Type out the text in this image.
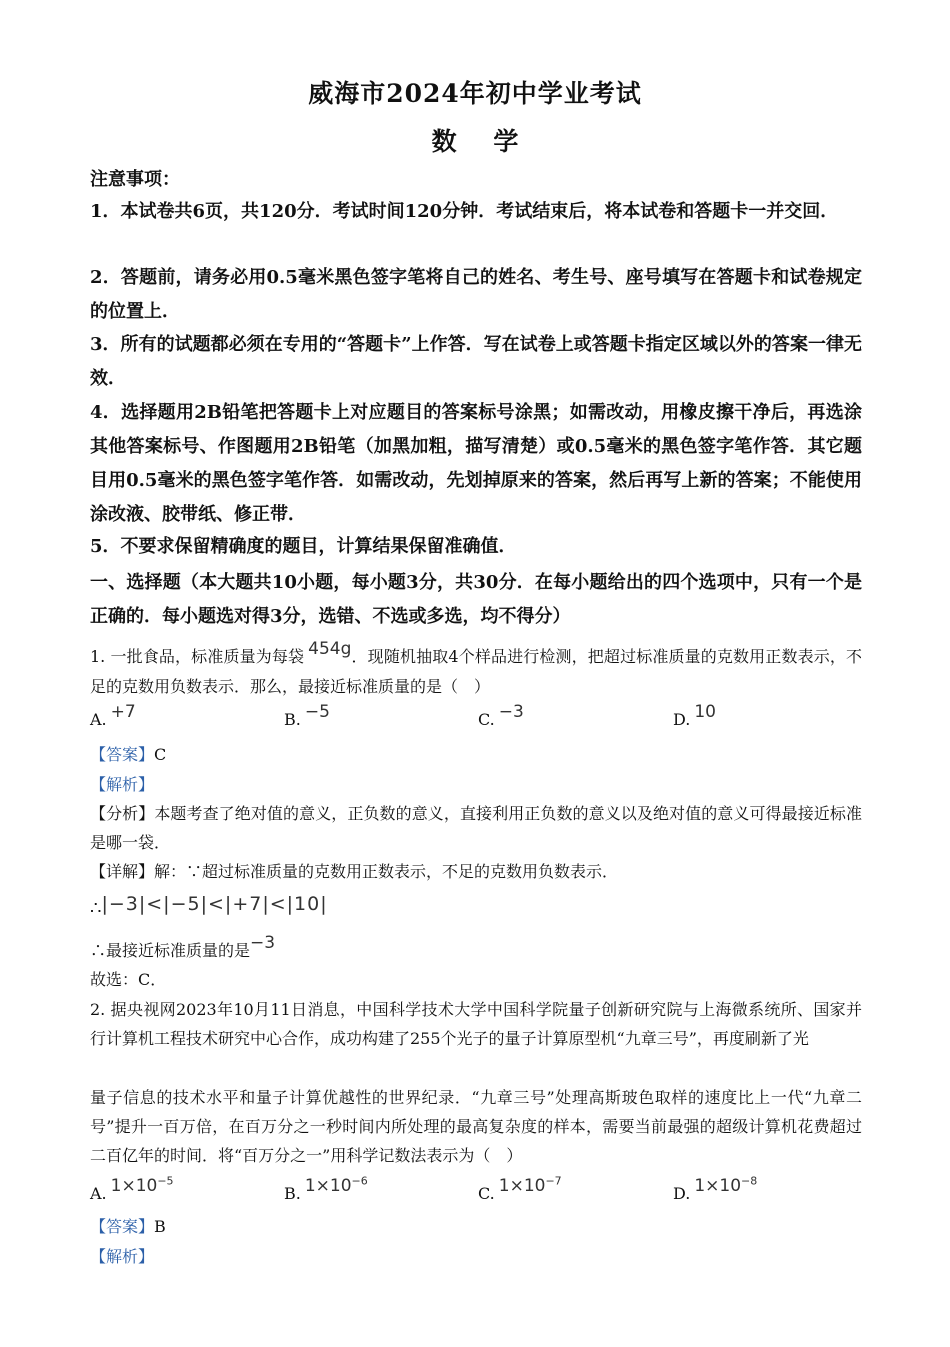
威海市2024年初中学业考试
数 学
注意事项：
1．本试卷共6页，共120分．考试时间120分钟．考试结束后，将本试卷和答题卡一并交回．
2．答题前，请务必用0.5毫米黑色签字笔将自己的姓名、考生号、座号填写在答题卡和试卷规定的位置上．
3．所有的试题都必须在专用的“答题卡”上作答．写在试卷上或答题卡指定区域以外的答案一律无效．
4．选择题用2B铅笔把答题卡上对应题目的答案标号涂黑；如需改动，用橡皮擦干净后，再选涂其他答案标号、作图题用2B铅笔（加黑加粗，描写清楚）或0.5毫米的黑色签字笔作答．其它题目用0.5毫米的黑色签字笔作答．如需改动，先划掉原来的答案，然后再写上新的答案；不能使用涂改液、胶带纸、修正带．
5．不要求保留精确度的题目，计算结果保留准确值．
一、选择题（本大题共10小题，每小题3分，共30分．在每小题给出的四个选项中，只有一个是正确的．每小题选对得3分，选错、不选或多选，均不得分）
1. 一批食品，标准质量为每袋 454g．现随机抽取4个样品进行检测，把超过标准质量的克数用正数表示，不足的克数用负数表示．那么，最接近标准质量的是（　）
A. +7	B. −5	C. −3	D. 10
【答案】C
【解析】
【分析】本题考查了绝对值的意义，正负数的意义，直接利用正负数的意义以及绝对值的意义可得最接近标准是哪一袋．
【详解】解：∵超过标准质量的克数用正数表示，不足的克数用负数表示．
∴|−3|<|−5|<|+7|<|10|
∴最接近标准质量的是−3
故选：C．
2. 据央视网2023年10月11日消息，中国科学技术大学中国科学院量子创新研究院与上海微系统所、国家并行计算机工程技术研究中心合作，成功构建了255个光子的量子计算原型机“九章三号”，再度刷新了光
量子信息的技术水平和量子计算优越性的世界纪录．“九章三号”处理高斯玻色取样的速度比上一代“九章二号”提升一百万倍，在百万分之一秒时间内所处理的最高复杂度的样本，需要当前最强的超级计算机花费超过二百亿年的时间．将“百万分之一”用科学记数法表示为（　）
A. $1\times 10^{-5}$
B. $1\times 10^{-6}$
C. $1\times 10^{-7}$
D. $1\times 10^{-8}$
【答案】B
【解析】
